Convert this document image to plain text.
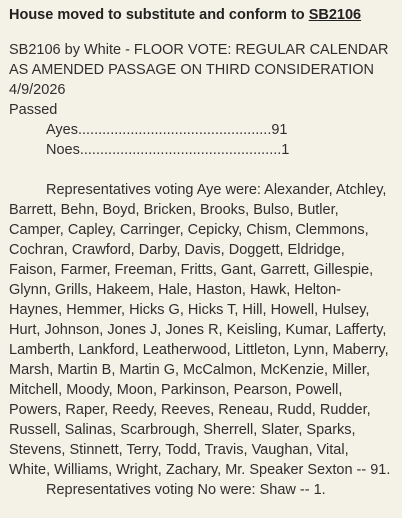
House moved to substitute and conform to SB2106

SB2106 by White - FLOOR VOTE: REGULAR CALENDAR AS AMENDED PASSAGE ON THIRD CONSIDERATION
4/9/2026
Passed
Ayes................................................91
Noes..................................................1

Representatives voting Aye were: Alexander, Atchley, Barrett, Behn, Boyd, Bricken, Brooks, Bulso, Butler, Camper, Capley, Carringer, Cepicky, Chism, Clemmons, Cochran, Crawford, Darby, Davis, Doggett, Eldridge, Faison, Farmer, Freeman, Fritts, Gant, Garrett, Gillespie, Glynn, Grills, Hakeem, Hale, Haston, Hawk, Helton-Haynes, Hemmer, Hicks G, Hicks T, Hill, Howell, Hulsey, Hurt, Johnson, Jones J, Jones R, Keisling, Kumar, Lafferty, Lamberth, Lankford, Leatherwood, Littleton, Lynn, Maberry, Marsh, Martin B, Martin G, McCalmon, McKenzie, Miller, Mitchell, Moody, Moon, Parkinson, Pearson, Powell, Powers, Raper, Reedy, Reeves, Reneau, Rudd, Rudder, Russell, Salinas, Scarbrough, Sherrell, Slater, Sparks, Stevens, Stinnett, Terry, Todd, Travis, Vaughan, Vital, White, Williams, Wright, Zachary, Mr. Speaker Sexton -- 91.

Representatives voting No were: Shaw -- 1.
